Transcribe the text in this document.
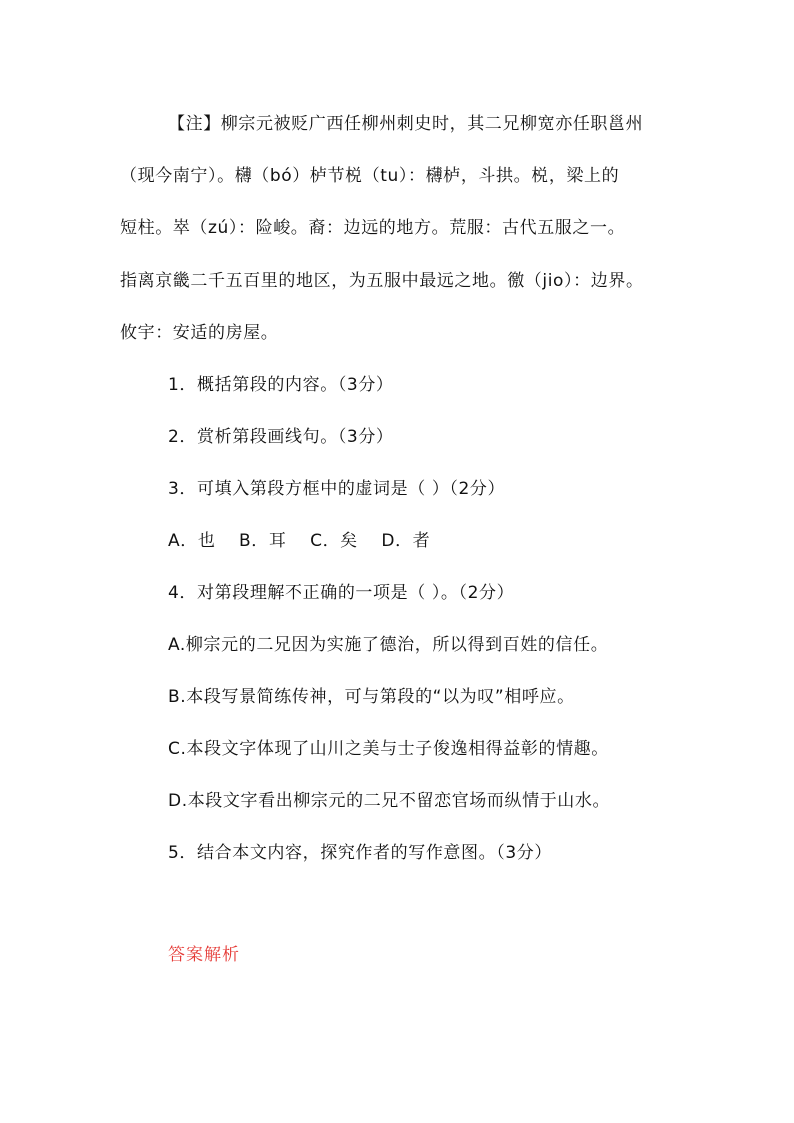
【注】柳宗元被贬广西任柳州刺史时，其二兄柳宽亦任职邕州
（现今南宁）。欂（bó）栌节棁（tu）：欂栌，斗拱。棁，梁上的
短柱。崒（zú）：险峻。裔：边远的地方。荒服：古代五服之一。
指离京畿二千五百里的地区，为五服中最远之地。徼（jio）：边界。
攸宇：安适的房屋。
1．概括第段的内容。（3分）
2．赏析第段画线句。（3分）
3．可填入第段方框中的虚词是（ ）（2分）
A．也　 B．耳　 C．矣　 D．者
4．对第段理解不正确的一项是（ ）。（2分）
A.柳宗元的二兄因为实施了德治，所以得到百姓的信任。
B.本段写景简练传神，可与第段的“以为叹”相呼应。
C.本段文字体现了山川之美与士子俊逸相得益彰的情趣。
D.本段文字看出柳宗元的二兄不留恋官场而纵情于山水。
5．结合本文内容，探究作者的写作意图。（3分）
答案解析
